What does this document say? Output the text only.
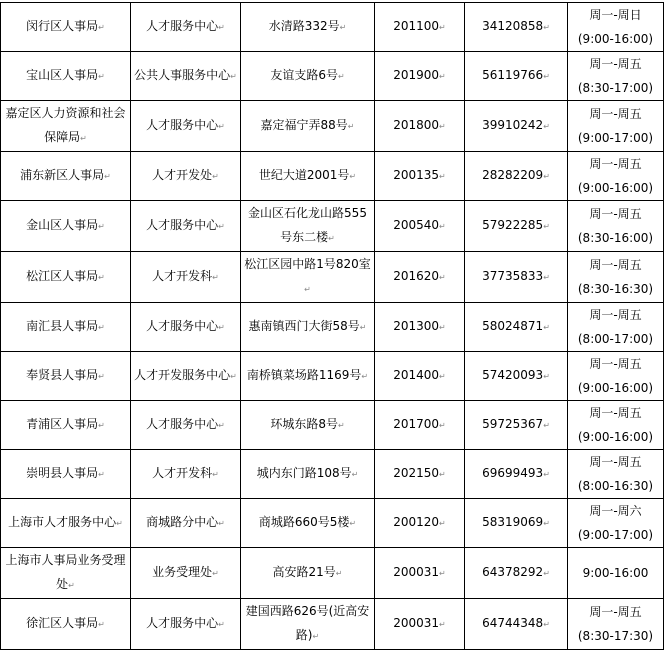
闵行区人事局↵	人才服务中心↵	水清路332号↵	201100↵	34120858↵	周一-周日
(9:00-16:00)

宝山区人事局↵	公共人事服务中心↵	友谊支路6号↵	201900↵	56119766↵	周一-周五
(8:30-17:00)

嘉定区人力资源和社会保障局↵	人才服务中心↵	嘉定福宁弄88号↵	201800↵	39910242↵	周一-周五
(9:00-17:00)

浦东新区人事局↵	人才开发处↵	世纪大道2001号↵	200135↵	28282209↵	周一-周五
(9:00-16:00)

金山区人事局↵	人才服务中心↵	金山区石化龙山路555号东二楼↵	200540↵	57922285↵	周一-周五
(8:30-16:00)

松江区人事局↵	人才开发科↵	松江区园中路1号820室↵	201620↵	37735833↵	周一-周五
(8:30-16:30)

南汇县人事局↵	人才服务中心↵	惠南镇西门大街58号↵	201300↵	58024871↵	周一-周五
(8:00-17:00)

奉贤县人事局↵	人才开发服务中心↵	南桥镇菜场路1169号↵	201400↵	57420093↵	周一-周五
(9:00-16:00)

青浦区人事局↵	人才服务中心↵	环城东路8号↵	201700↵	59725367↵	周一-周五
(9:00-16:00)

崇明县人事局↵	人才开发科↵	城内东门路108号↵	202150↵	69699493↵	周一-周五
(8:00-16:30)

上海市人才服务中心↵	商城路分中心↵	商城路660号5楼↵	200120↵	58319069↵	周一-周六
(9:00-17:00)

上海市人事局业务受理处↵	业务受理处↵	高安路21号↵	200031↵	64378292↵	9:00-16:00

徐汇区人事局↵	人才服务中心↵	建国西路626号(近高安路)↵	200031↵	64744348↵	周一-周五
(8:30-17:30)
